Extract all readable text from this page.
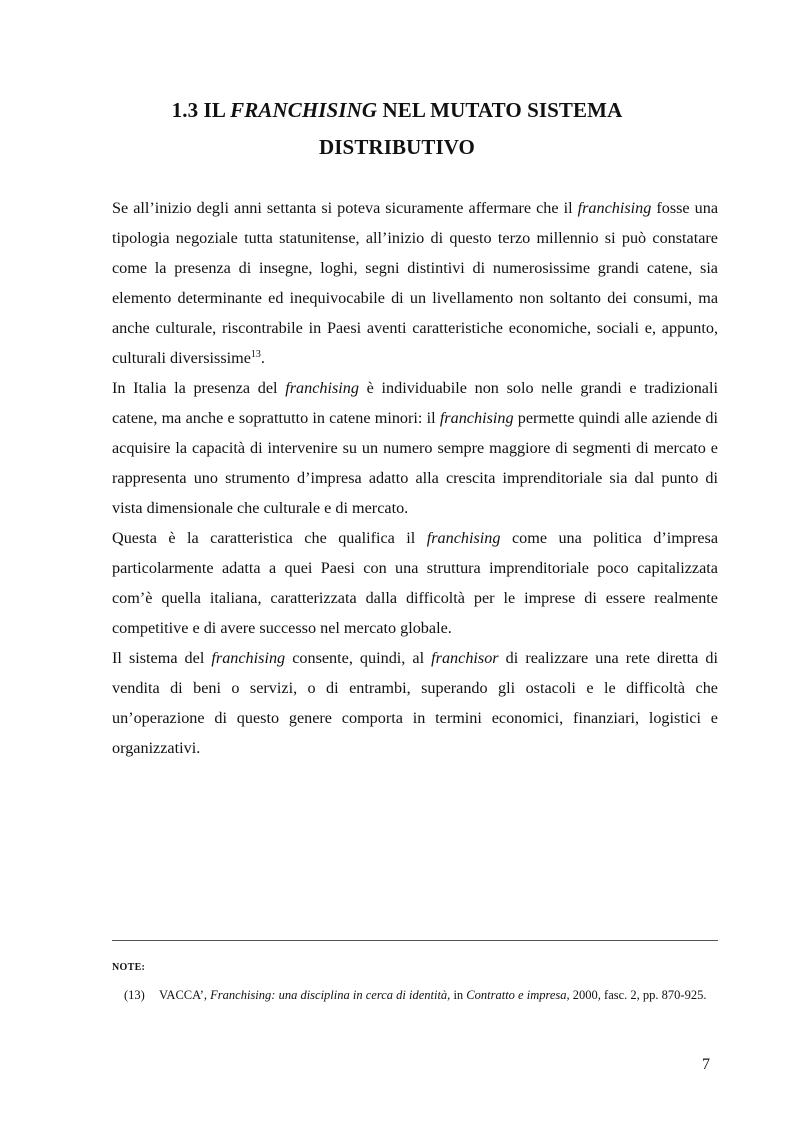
1.3 IL FRANCHISING NEL MUTATO SISTEMA
DISTRIBUTIVO

Se all’inizio degli anni settanta si poteva sicuramente affermare che il franchising fosse una tipologia negoziale tutta statunitense, all’inizio di questo terzo millennio si può constatare come la presenza di insegne, loghi, segni distintivi di numerosissime grandi catene, sia elemento determinante ed inequivocabile di un livellamento non soltanto dei consumi, ma anche culturale, riscontrabile in Paesi aventi caratteristiche economiche, sociali e, appunto, culturali diversissime$^{13}$.

In Italia la presenza del franchising è individuabile non solo nelle grandi e tradizionali catene, ma anche e soprattutto in catene minori: il franchising permette quindi alle aziende di acquisire la capacità di intervenire su un numero sempre maggiore di segmenti di mercato e rappresenta uno strumento d’impresa adatto alla crescita imprenditoriale sia dal punto di vista dimensionale che culturale e di mercato.

Questa è la caratteristica che qualifica il franchising come una politica d’impresa particolarmente adatta a quei Paesi con una struttura imprenditoriale poco capitalizzata com’è quella italiana, caratterizzata dalla difficoltà per le imprese di essere realmente competitive e di avere successo nel mercato globale.

Il sistema del franchising consente, quindi, al franchisor di realizzare una rete diretta di vendita di beni o servizi, o di entrambi, superando gli ostacoli e le difficoltà che un’operazione di questo genere comporta in termini economici, finanziari, logistici e organizzativi.

NOTE:
(13) VACCA’, Franchising: una disciplina in cerca di identità, in Contratto e impresa, 2000, fasc. 2, pp. 870-925.
7
